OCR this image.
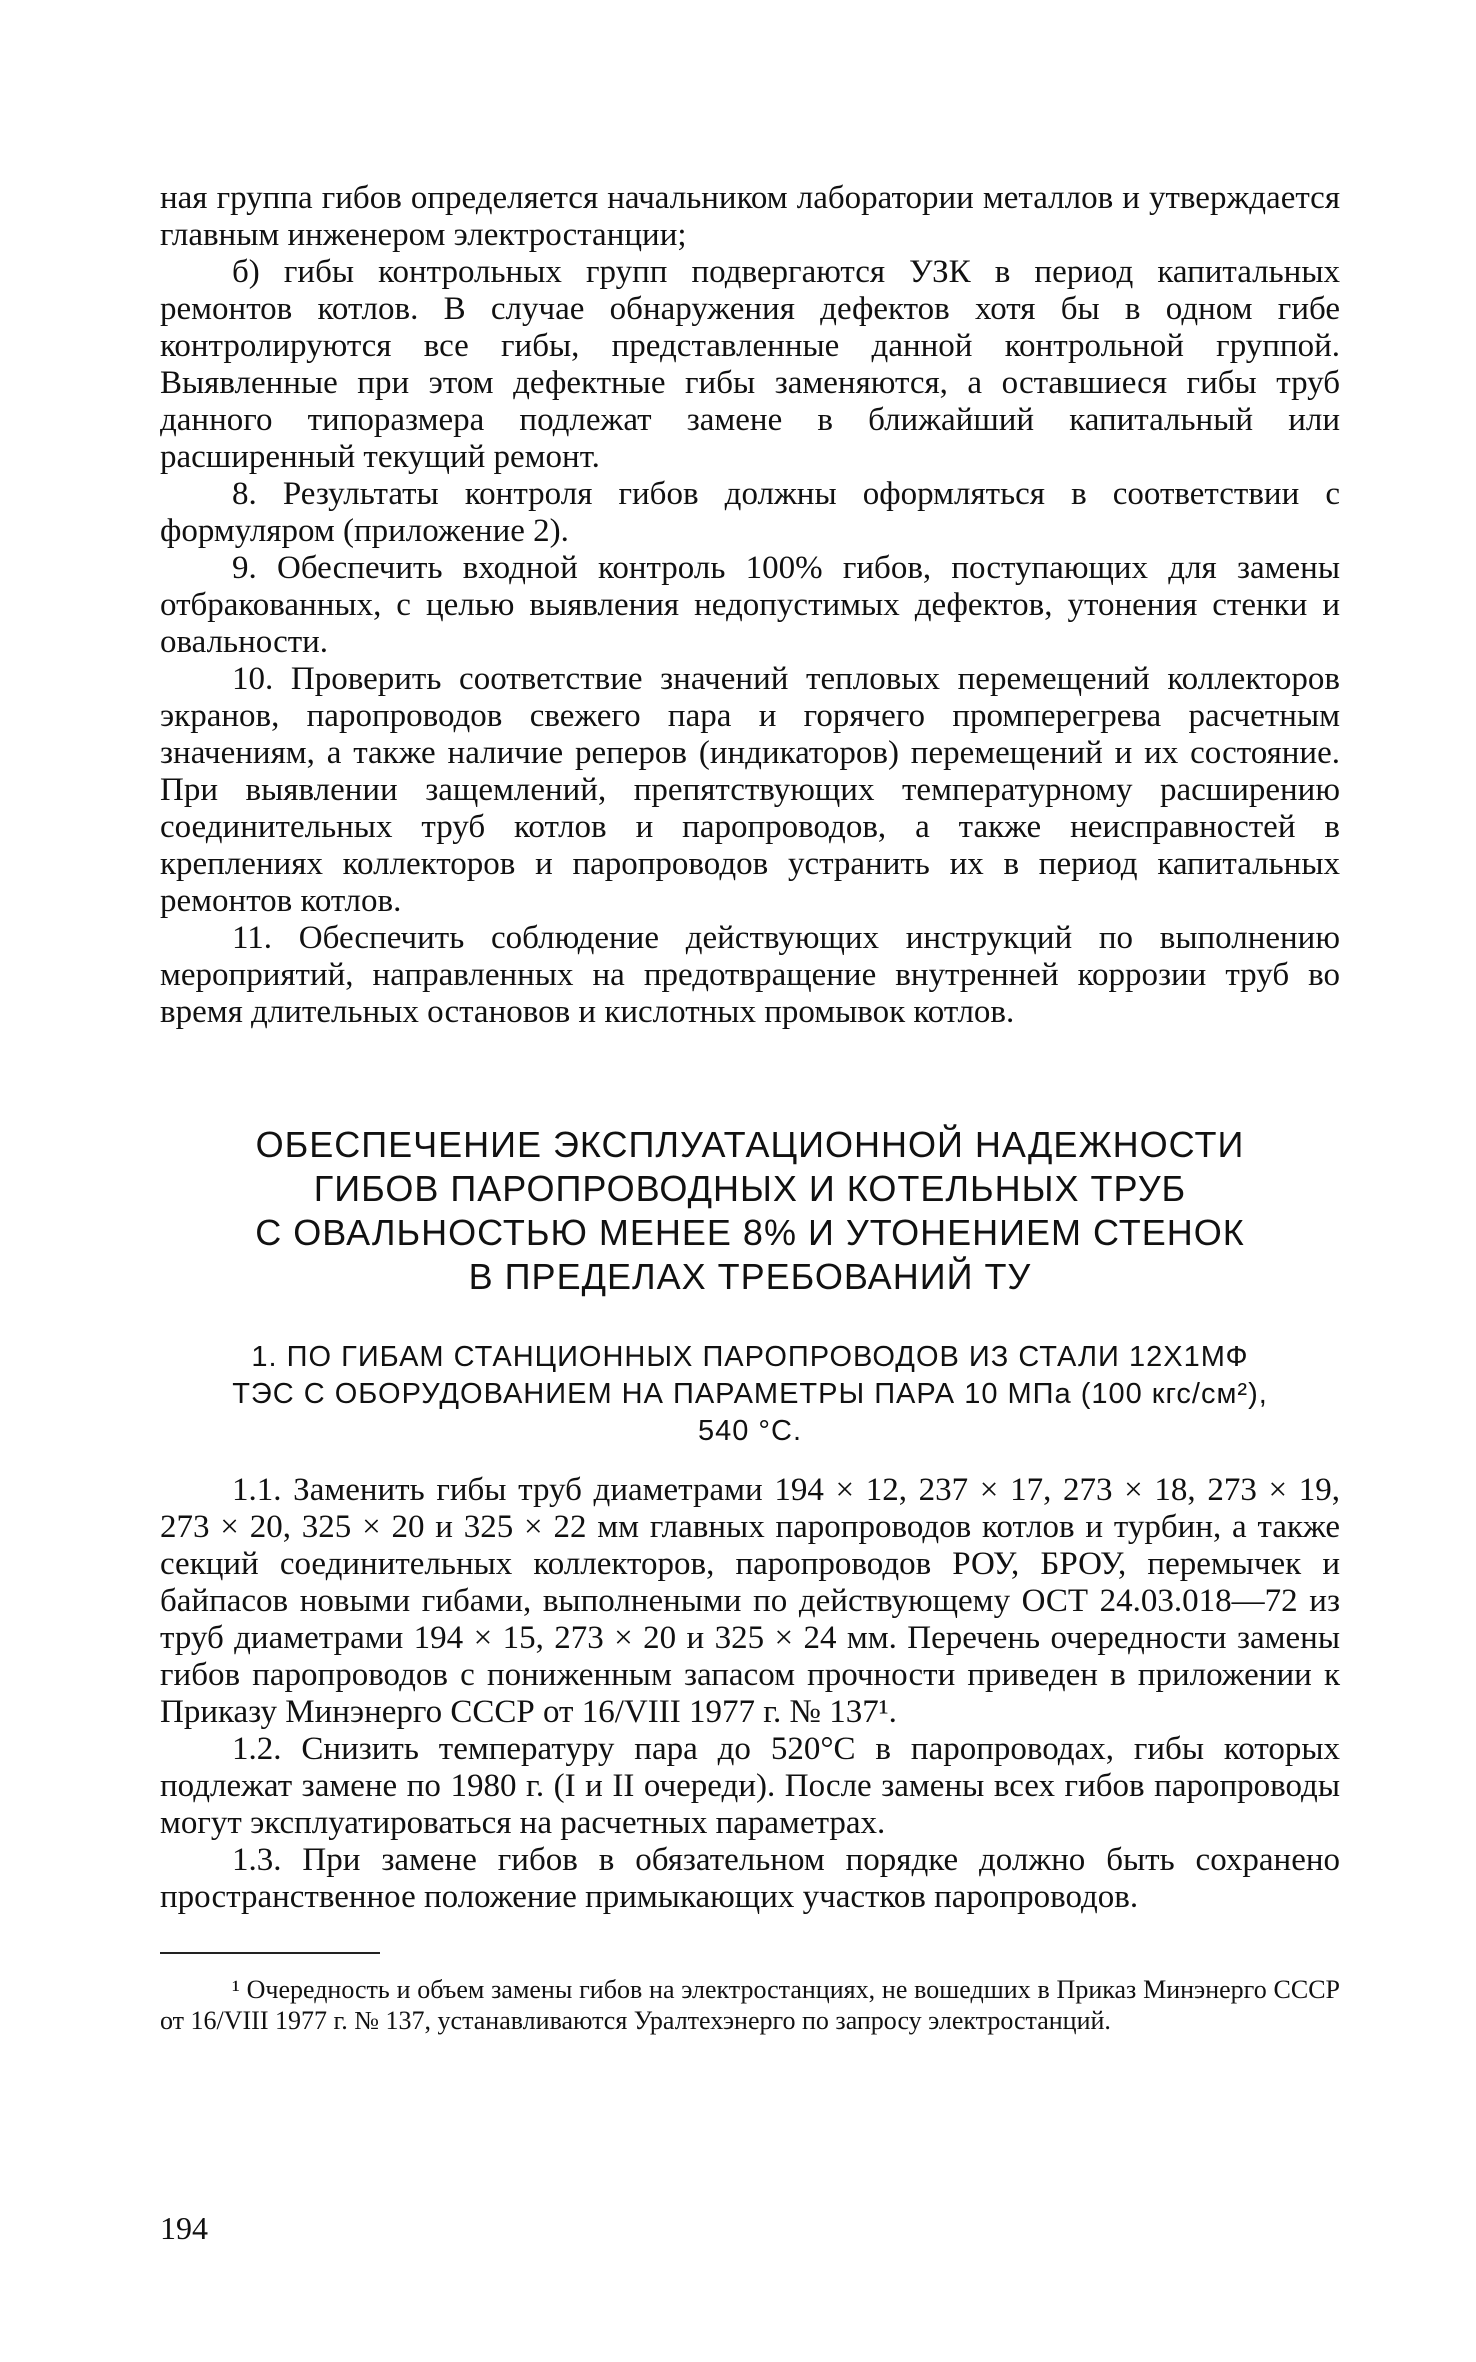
ная группа гибов определяется начальником лаборатории металлов и утверждается главным инженером электростанции;

б) гибы контрольных групп подвергаются УЗК в период капитальных ремонтов котлов. В случае обнаружения дефектов хотя бы в одном гибе контролируются все гибы, представленные данной контрольной группой. Выявленные при этом дефектные гибы заменяются, а оставшиеся гибы труб данного типоразмера подлежат замене в ближайший капитальный или расширенный текущий ремонт.

8. Результаты контроля гибов должны оформляться в соответствии с формуляром (приложение 2).

9. Обеспечить входной контроль 100% гибов, поступающих для замены отбракованных, с целью выявления недопустимых дефектов, утонения стенки и овальности.

10. Проверить соответствие значений тепловых перемещений коллекторов экранов, паропроводов свежего пара и горячего промперегрева расчетным значениям, а также наличие реперов (индикаторов) перемещений и их состояние. При выявлении защемлений, препятствующих температурному расширению соединительных труб котлов и паропроводов, а также неисправностей в креплениях коллекторов и паропроводов устранить их в период капитальных ремонтов котлов.

11. Обеспечить соблюдение действующих инструкций по выполнению мероприятий, направленных на предотвращение внутренней коррозии труб во время длительных остановов и кислотных промывок котлов.

ОБЕСПЕЧЕНИЕ ЭКСПЛУАТАЦИОННОЙ НАДЕЖНОСТИ
ГИБОВ ПАРОПРОВОДНЫХ И КОТЕЛЬНЫХ ТРУБ
С ОВАЛЬНОСТЬЮ МЕНЕЕ 8% И УТОНЕНИЕМ СТЕНОК
В ПРЕДЕЛАХ ТРЕБОВАНИЙ ТУ
1. ПО ГИБАМ СТАНЦИОННЫХ ПАРОПРОВОДОВ ИЗ СТАЛИ 12Х1МФ
ТЭС С ОБОРУДОВАНИЕМ НА ПАРАМЕТРЫ ПАРА 10 МПа (100 кгс/см²),
540 °С.

1.1. Заменить гибы труб диаметрами 194 × 12, 237 × 17, 273 × 18, 273 × 19, 273 × 20, 325 × 20 и 325 × 22 мм главных паропроводов котлов и турбин, а также секций соединительных коллекторов, паропроводов РОУ, БРОУ, перемычек и байпасов новыми гибами, выполнеными по действующему ОСТ 24.03.018—72 из труб диаметрами 194 × 15, 273 × 20 и 325 × 24 мм. Перечень очередности замены гибов паропроводов с пониженным запасом прочности приведен в приложении к Приказу Минэнерго СССР от 16/VIII 1977 г. № 137¹.

1.2. Снизить температуру пара до 520°С в паропроводах, гибы которых подлежат замене по 1980 г. (I и II очереди). После замены всех гибов паропроводы могут эксплуатироваться на расчетных параметрах.

1.3. При замене гибов в обязательном порядке должно быть сохранено пространственное положение примыкающих участков паропроводов.

¹ Очередность и объем замены гибов на электростанциях, не вошедших в Приказ Минэнерго СССР от 16/VIII 1977 г. № 137, устанавливаются Уралтехэнерго по запросу электростанций.

194
